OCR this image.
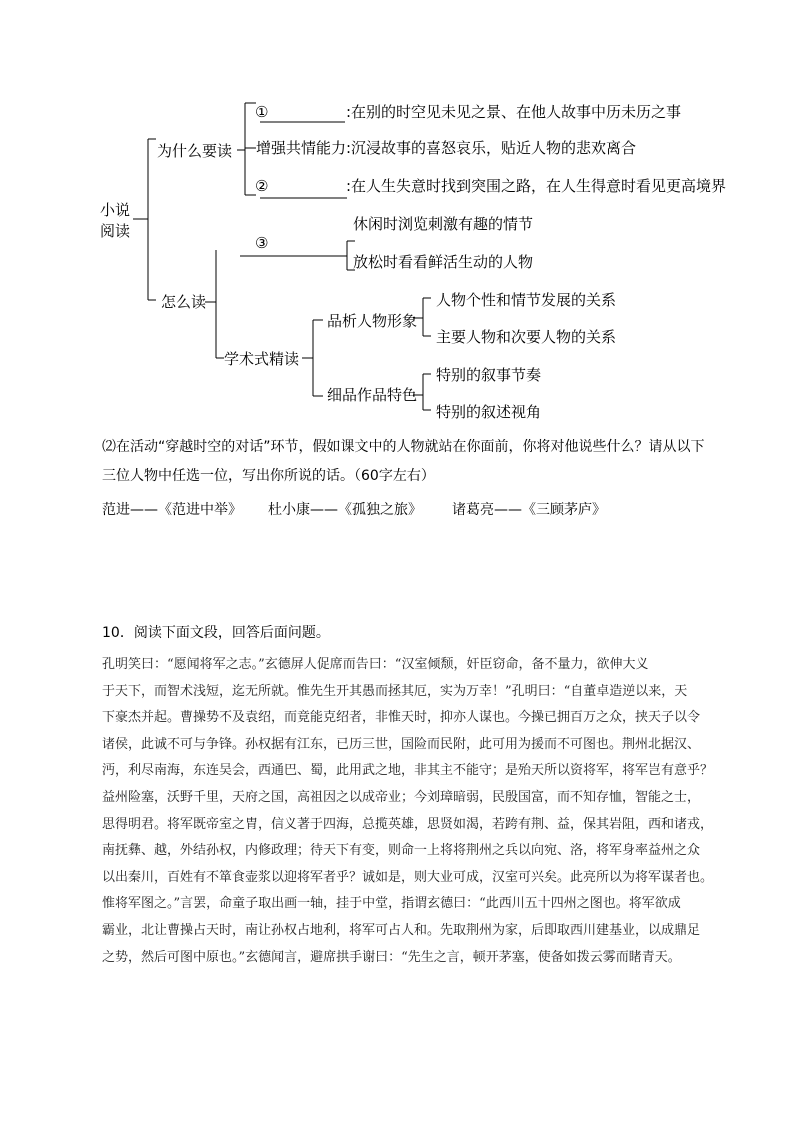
小说
阅读
为什么要读
①	:在别的时空见未见之景、在他人故事中历未历之事
增强共情能力 :沉浸故事的喜怒哀乐，贴近人物的悲欢离合
②	:在人生失意时找到突围之路，在人生得意时看见更高境界
怎么读
③
休闲时浏览刺激有趣的情节
放松时看看鲜活生动的人物
学术式精读
品析人物形象
人物个性和情节发展的关系
主要人物和次要人物的关系
细品作品特色
特别的叙事节奏
特别的叙述视角
⑵在活动“穿越时空的对话”环节，假如课文中的人物就站在你面前，你将对他说些什么？请从以下
三位人物中任选一位，写出你所说的话。（60字左右）
范进——《范进中举》 杜小康——《孤独之旅》 诸葛亮——《三顾茅庐》
10．阅读下面文段，回答后面问题。
孔明笑曰：“愿闻将军之志。”玄德屏人促席而告曰：“汉室倾颓，奸臣窃命，备不量力，欲伸大义
于天下，而智术浅短，迄无所就。惟先生开其愚而拯其厄，实为万幸！”孔明曰：“自董卓造逆以来，天
下豪杰并起。曹操势不及袁绍，而竟能克绍者，非惟天时，抑亦人谋也。今操已拥百万之众，挟天子以令
诸侯，此诚不可与争锋。孙权据有江东，已历三世，国险而民附，此可用为援而不可图也。荆州北据汉、
沔，利尽南海，东连吴会，西通巴、蜀，此用武之地，非其主不能守；是殆天所以资将军，将军岂有意乎？
益州险塞，沃野千里，天府之国，高祖因之以成帝业；今刘璋暗弱，民殷国富，而不知存恤，智能之士，
思得明君。将军既帝室之胄，信义著于四海，总揽英雄，思贤如渴，若跨有荆、益，保其岩阻，西和诸戎，
南抚彝、越，外结孙权，内修政理；待天下有变，则命一上将将荆州之兵以向宛、洛，将军身率益州之众
以出秦川，百姓有不箪食壶浆以迎将军者乎？诚如是，则大业可成，汉室可兴矣。此亮所以为将军谋者也。
惟将军图之。”言罢，命童子取出画一轴，挂于中堂，指谓玄德曰：“此西川五十四州之图也。将军欲成
霸业，北让曹操占天时，南让孙权占地利，将军可占人和。先取荆州为家，后即取西川建基业，以成鼎足
之势，然后可图中原也。”玄德闻言，避席拱手谢曰：“先生之言，顿开茅塞，使备如拨云雾而睹青天。
